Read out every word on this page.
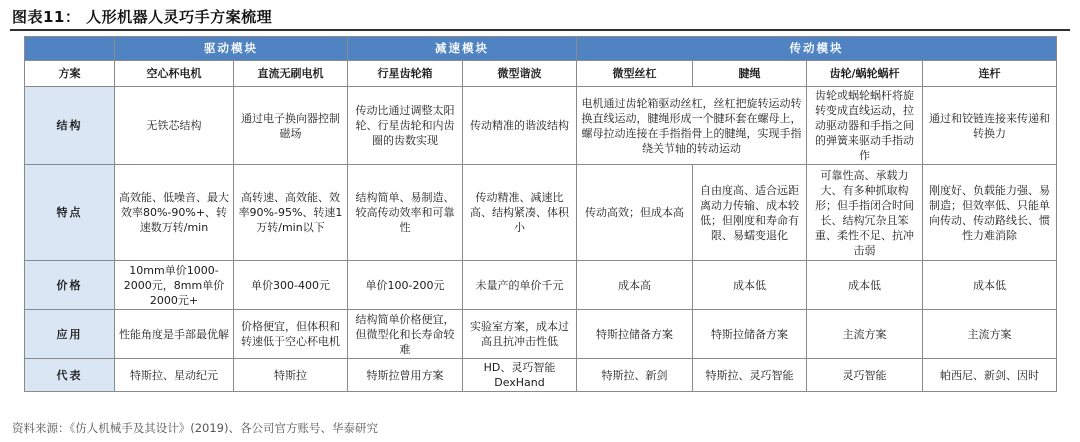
图表11： 人形机器人灵巧手方案梳理
	驱动模块		减速模块		传动模块			
方案	空心杯电机	直流无刷电机	行星齿轮箱	微型谐波	微型丝杠	腱绳	齿轮/蜗轮蜗杆	连杆
结构	无铁芯结构	通过电子换向器控制磁场	传动比通过调整太阳轮、行星齿轮和内齿圈的齿数实现	传动精准的谐波结构	电机通过齿轮箱驱动丝杠，丝杠把旋转运动转换直线运动，腱绳形成一个腱环套在螺母上，螺母拉动连接在手指指骨上的腱绳，实现手指绕关节轴的转动运动		齿轮或蜗轮蜗杆将旋转变成直线运动，拉动驱动器和手指之间的弹簧来驱动手指动作	通过和铰链连接来传递和转换力
特点	高效能、低噪音、最大效率80%-90%+、转速数万转/min	高转速、高效能、效率90%-95%、转速1万转/min以下	结构简单、易制造、较高传动效率和可靠性	传动精准、减速比高、结构紧凑、体积小	传动高效；但成本高	自由度高、适合远距离动力传输、成本较低；但刚度和寿命有限、易蠕变退化	可靠性高、承载力大、有多种抓取构形；但手指闭合时间长、结构冗杂且笨重、柔性不足、抗冲击弱	刚度好、负载能力强、易制造；但效率低、只能单向传动、传动路线长、惯性力难消除
价格	10mm单价1000-2000元，8mm单价2000元+	单价300-400元	单价100-200元	未量产的单价千元	成本高	成本低	成本低	成本低
应用	性能角度是手部最优解	价格便宜，但体积和转速低于空心杯电机	结构简单价格便宜，但微型化和长寿命较难	实验室方案，成本过高且抗冲击性低	特斯拉储备方案	特斯拉储备方案	主流方案	主流方案
代表	特斯拉、星动纪元	特斯拉	特斯拉曾用方案	HD、灵巧智能DexHand	特斯拉、新剑	特斯拉、灵巧智能	灵巧智能	帕西尼、新剑、因时
资料来源：《仿人机械手及其设计》(2019)、各公司官方账号、华泰研究
